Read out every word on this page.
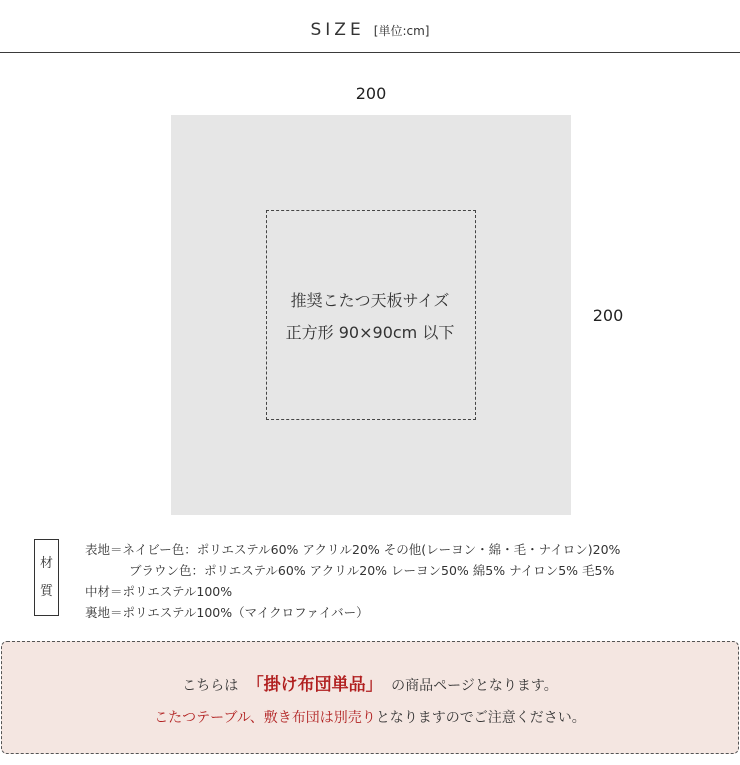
SIZE [単位:cm]
200
推奨こたつ天板サイズ
正方形 90×90cm 以下
200
材
質
表地＝ネイビー色：ポリエステル60% アクリル20% その他(レーヨン・綿・毛・ナイロン)20%
ブラウン色：ポリエステル60% アクリル20% レーヨン50% 綿5% ナイロン5% 毛5%
中材＝ポリエステル100%
裏地＝ポリエステル100%（マイクロファイバー）
こちらは 「掛け布団単品」 の商品ページとなります。
こたつテーブル、敷き布団は別売りとなりますのでご注意ください。
